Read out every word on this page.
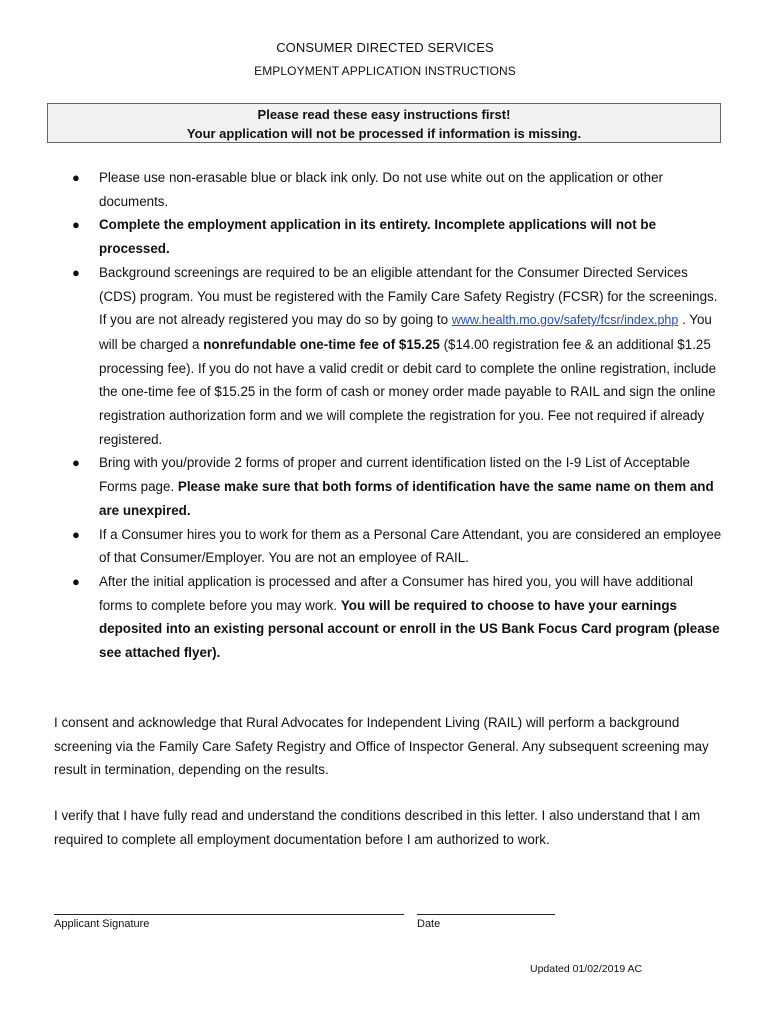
CONSUMER DIRECTED SERVICES
EMPLOYMENT APPLICATION INSTRUCTIONS
Please read these easy instructions first!
Your application will not be processed if information is missing.
● Please use non-erasable blue or black ink only. Do not use white out on the application or other documents.
● Complete the employment application in its entirety. Incomplete applications will not be processed.
● Background screenings are required to be an eligible attendant for the Consumer Directed Services (CDS) program. You must be registered with the Family Care Safety Registry (FCSR) for the screenings. If you are not already registered you may do so by going to www.health.mo.gov/safety/fcsr/index.php . You will be charged a nonrefundable one-time fee of $15.25 ($14.00 registration fee & an additional $1.25 processing fee). If you do not have a valid credit or debit card to complete the online registration, include the one-time fee of $15.25 in the form of cash or money order made payable to RAIL and sign the online registration authorization form and we will complete the registration for you. Fee not required if already registered.
● Bring with you/provide 2 forms of proper and current identification listed on the I-9 List of Acceptable Forms page. Please make sure that both forms of identification have the same name on them and are unexpired.
● If a Consumer hires you to work for them as a Personal Care Attendant, you are considered an employee of that Consumer/Employer. You are not an employee of RAIL.
● After the initial application is processed and after a Consumer has hired you, you will have additional forms to complete before you may work. You will be required to choose to have your earnings deposited into an existing personal account or enroll in the US Bank Focus Card program (please see attached flyer).
I consent and acknowledge that Rural Advocates for Independent Living (RAIL) will perform a background screening via the Family Care Safety Registry and Office of Inspector General. Any subsequent screening may result in termination, depending on the results.
I verify that I have fully read and understand the conditions described in this letter. I also understand that I am required to complete all employment documentation before I am authorized to work.
Applicant Signature	Date
Updated 01/02/2019 AC
